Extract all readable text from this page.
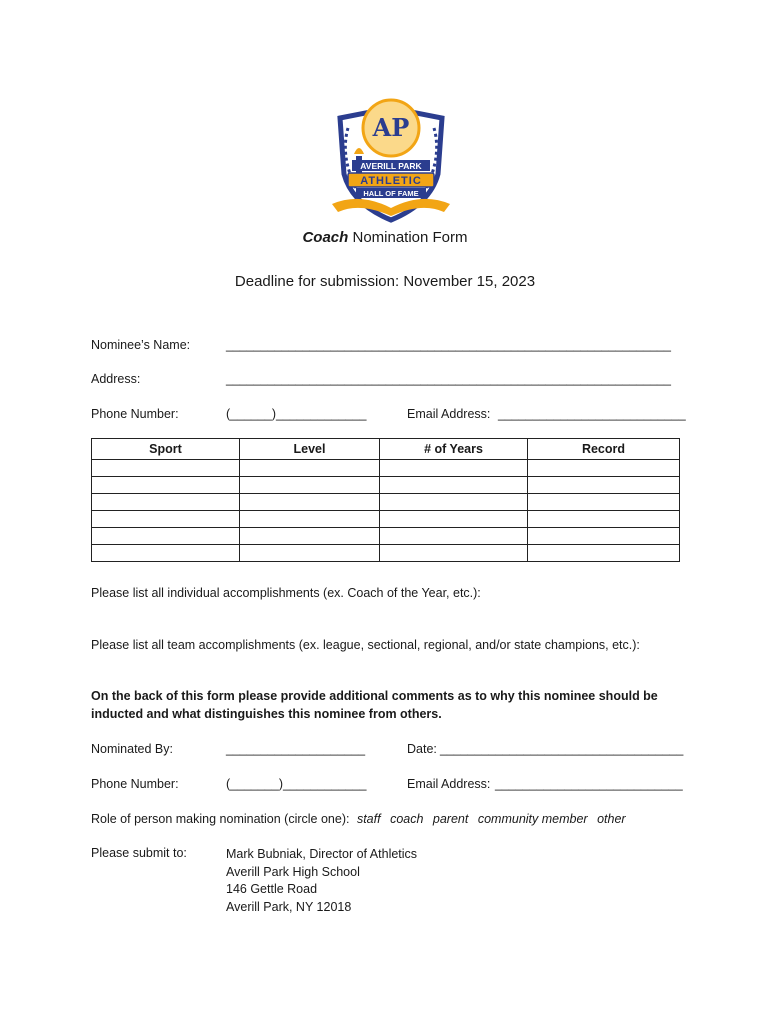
AP
AVERILL PARK
ATHLETIC
HALL OF FAME
Coach Nomination Form
Deadline for submission: November 15, 2023
Nominee’s Name:	________________________________________________________________
Address:	________________________________________________________________
Phone Number:	(______)_____________	Email Address: ___________________________
Sport	Level	# of Years	Record

Please list all individual accomplishments (ex. Coach of the Year, etc.):
Please list all team accomplishments (ex. league, sectional, regional, and/or state champions, etc.):
On the back of this form please provide additional comments as to why this nominee should be
inducted and what distinguishes this nominee from others.
Nominated By:	____________________	Date: ___________________________________
Phone Number:	(_______)____________	Email Address: ___________________________
Role of person making nomination (circle one): staff coach parent community member other
Please submit to:	Mark Bubniak, Director of Athletics
Averill Park High School
146 Gettle Road
Averill Park, NY 12018
